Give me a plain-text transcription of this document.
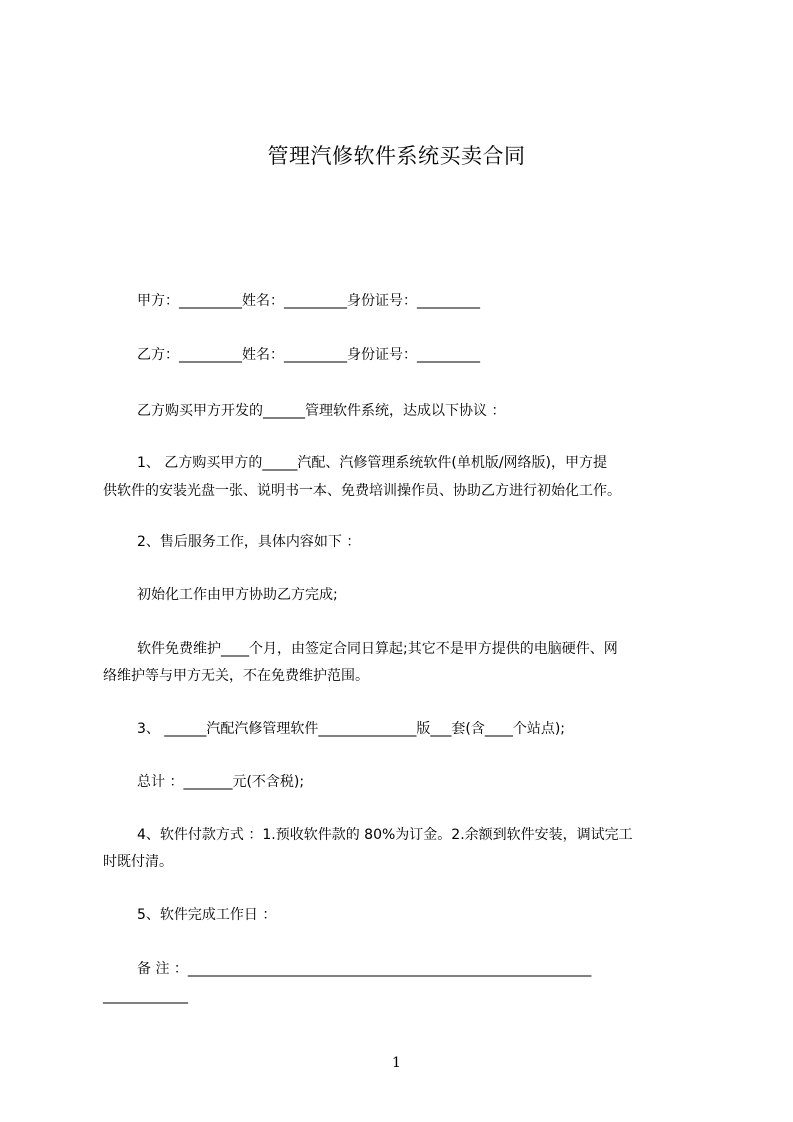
管理汽修软件系统买卖合同
甲方：_________姓名：_________身份证号：_________
乙方：_________姓名：_________身份证号：_________
乙方购买甲方开发的______管理软件系统，达成以下协议 ：
1、 乙方购买甲方的_____汽配、汽修管理系统软件(单机版/网络版)，甲方提
供软件的安装光盘一张、说明书一本、免费培训操作员、协助乙方进行初始化工作。
2、售后服务工作，具体内容如下 ：
初始化工作由甲方协助乙方完成;
软件免费维护____个月，由签定合同日算起;其它不是甲方提供的电脑硬件、网
络维护等与甲方无关，不在免费维护范围。
3、 ______汽配汽修管理软件______________版___套(含____个站点);
总计 ：_______元(不含税);
4、软件付款方式 ：1.预收软件款的 80%为订金。2.余额到软件安装，调试完工
时既付清。
5、软件完成工作日 ：
备 注 ：______________________________________________________________
_____________
1
